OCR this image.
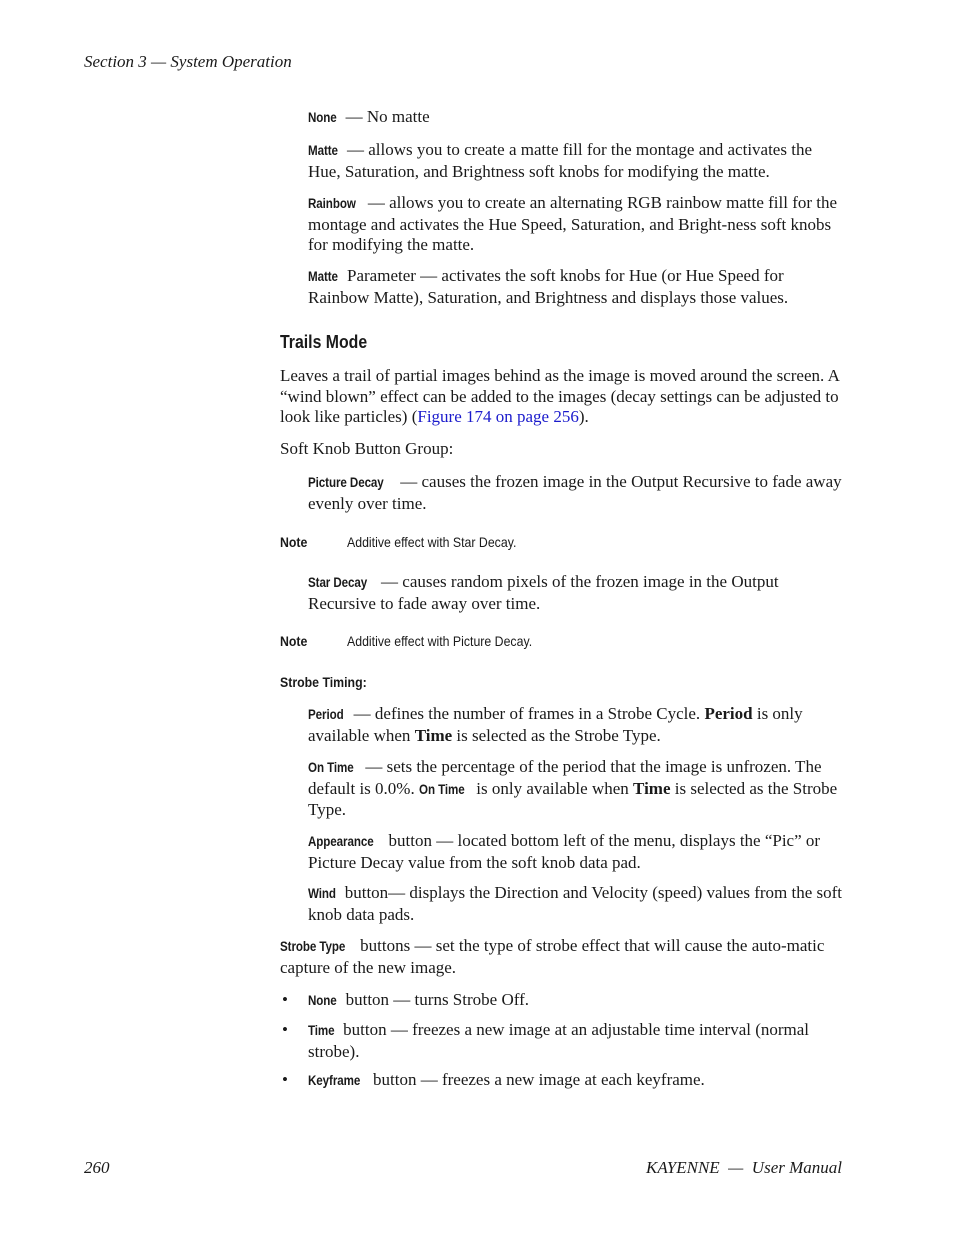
Section 3 — System Operation

None — No matte

Matte — allows you to create a matte fill for the montage and activates the Hue, Saturation, and Brightness soft knobs for modifying the matte.

Rainbow — allows you to create an alternating RGB rainbow matte fill for the montage and activates the Hue Speed, Saturation, and Bright-ness soft knobs for modifying the matte.

Matte Parameter — activates the soft knobs for Hue (or Hue Speed for Rainbow Matte), Saturation, and Brightness and displays those values.

Trails Mode

Leaves a trail of partial images behind as the image is moved around the screen. A “wind blown” effect can be added to the images (decay settings can be adjusted to look like particles) (Figure 174 on page 256).

Soft Knob Button Group:

Picture Decay — causes the frozen image in the Output Recursive to fade away evenly over time.

Note	Additive effect with Star Decay.

Star Decay — causes random pixels of the frozen image in the Output Recursive to fade away over time.

Note	Additive effect with Picture Decay.
Strobe Timing:

Period — defines the number of frames in a Strobe Cycle. Period is only available when Time is selected as the Strobe Type.

On Time — sets the percentage of the period that the image is unfrozen. The default is 0.0%. On Time is only available when Time is selected as the Strobe Type.

Appearance button — located bottom left of the menu, displays the “Pic” or Picture Decay value from the soft knob data pad.

Wind button— displays the Direction and Velocity (speed) values from the soft knob data pads.

Strobe Type buttons — set the type of strobe effect that will cause the auto-matic capture of the new image.

• None button — turns Strobe Off.

• Time button — freezes a new image at an adjustable time interval (normal strobe).

• Keyframe button — freezes a new image at each keyframe.

260	KAYENNE  —  User Manual
